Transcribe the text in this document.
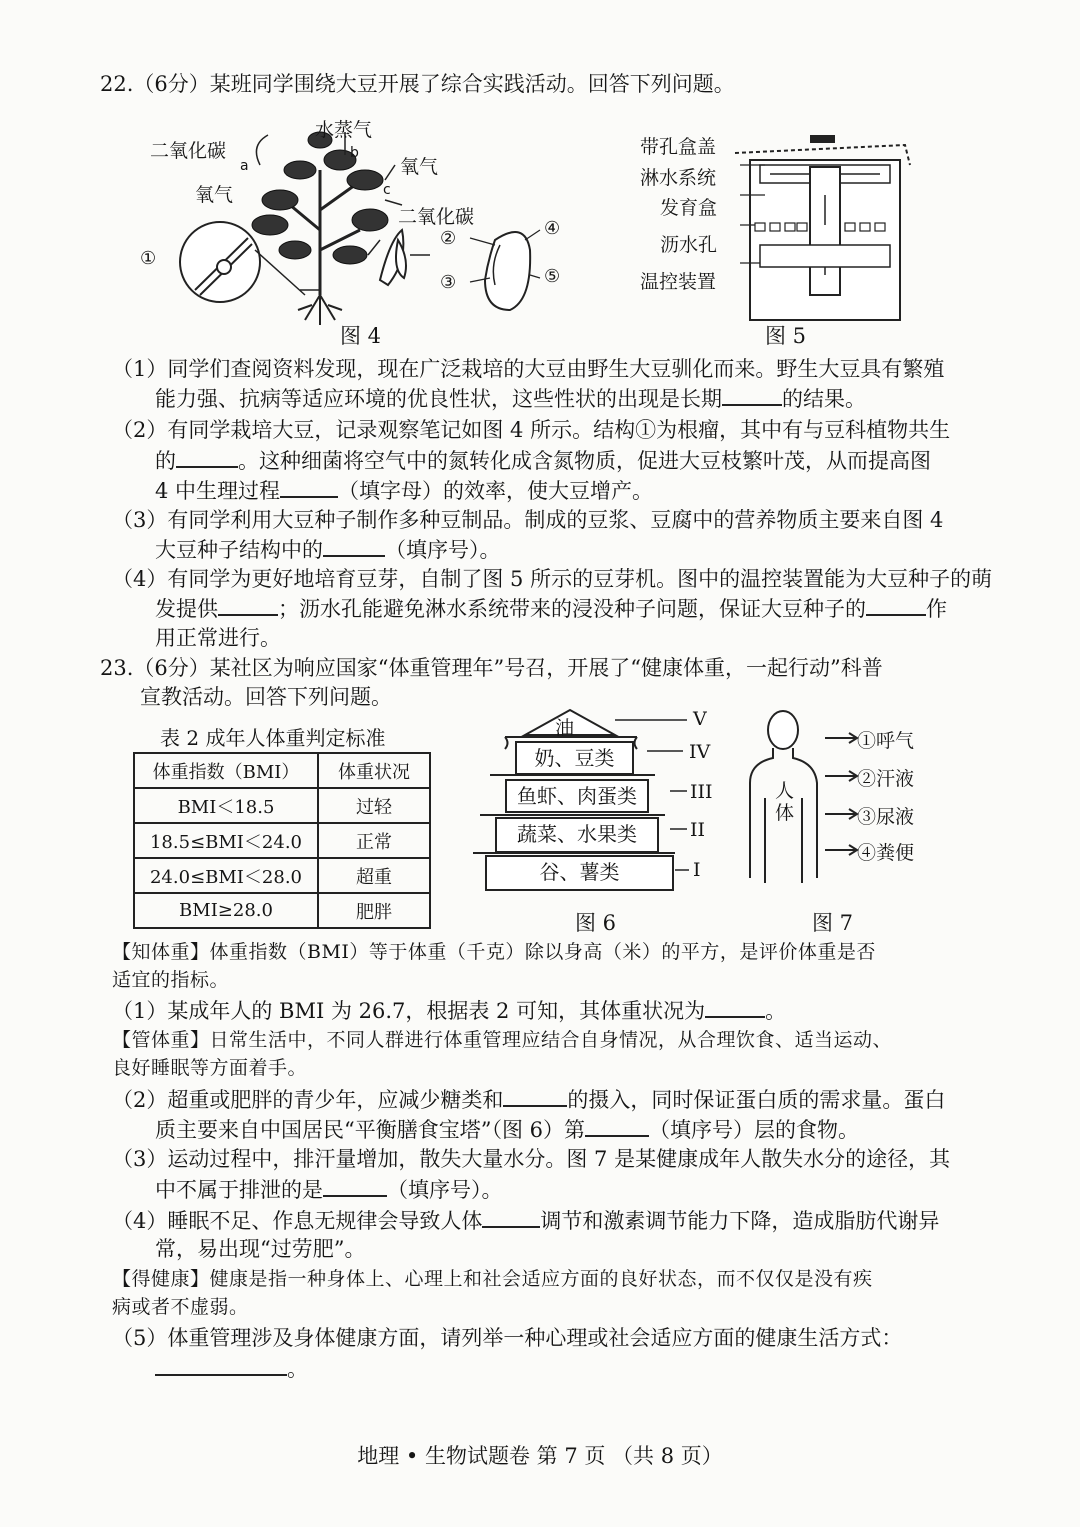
22.（6分）某班同学围绕大豆开展了综合实践活动。回答下列问题。
二氧化碳
a
氧气
水蒸气
b
氧气
c
二氧化碳
①
②
③
④
⑤
图 4
带孔盒盖
淋水系统
发育盒
沥水孔
温控装置
图 5
（1）同学们查阅资料发现，现在广泛栽培的大豆由野生大豆驯化而来。野生大豆具有繁殖
能力强、抗病等适应环境的优良性状，这些性状的出现是长期	的结果。
（2）有同学栽培大豆，记录观察笔记如图 4 所示。结构①为根瘤，其中有与豆科植物共生
的	。这种细菌将空气中的氮转化成含氮物质，促进大豆枝繁叶茂，从而提高图
4 中生理过程	（填字母）的效率，使大豆增产。
（3）有同学利用大豆种子制作多种豆制品。制成的豆浆、豆腐中的营养物质主要来自图 4
大豆种子结构中的	（填序号）。
（4）有同学为更好地培育豆芽，自制了图 5 所示的豆芽机。图中的温控装置能为大豆种子的萌
发提供	；沥水孔能避免淋水系统带来的浸没种子问题，保证大豆种子的	作
用正常进行。
23.（6分）某社区为响应国家“体重管理年”号召，开展了“健康体重，一起行动”科普
宣教活动。回答下列问题。
表 2 成年人体重判定标准
体重指数（BMI）	体重状况
BMI＜18.5	过轻
18.5≤BMI＜24.0	正常
24.0≤BMI＜28.0	超重
BMI≥28.0	肥胖
油
奶、豆类
鱼虾、肉蛋类
蔬菜、水果类
谷、薯类
V
IV
III
II
I
图 6
人体
①呼气
②汗液
③尿液
④粪便
图 7
【知体重】体重指数（BMI）等于体重（千克）除以身高（米）的平方，是评价体重是否
适宜的指标。
（1）某成年人的 BMI 为 26.7，根据表 2 可知，其体重状况为	。
【管体重】日常生活中，不同人群进行体重管理应结合自身情况，从合理饮食、适当运动、
良好睡眠等方面着手。
（2）超重或肥胖的青少年，应减少糖类和	的摄入，同时保证蛋白质的需求量。蛋白
质主要来自中国居民“平衡膳食宝塔”（图 6）第	（填序号）层的食物。
（3）运动过程中，排汗量增加，散失大量水分。图 7 是某健康成年人散失水分的途径，其
中不属于排泄的是	（填序号）。
（4）睡眠不足、作息无规律会导致人体	调节和激素调节能力下降，造成脂肪代谢异
常，易出现“过劳肥”。
【得健康】健康是指一种身体上、心理上和社会适应方面的良好状态，而不仅仅是没有疾
病或者不虚弱。
（5）体重管理涉及身体健康方面，请列举一种心理或社会适应方面的健康生活方式：
。
地理 • 生物试题卷 第 7 页 （共 8 页）
